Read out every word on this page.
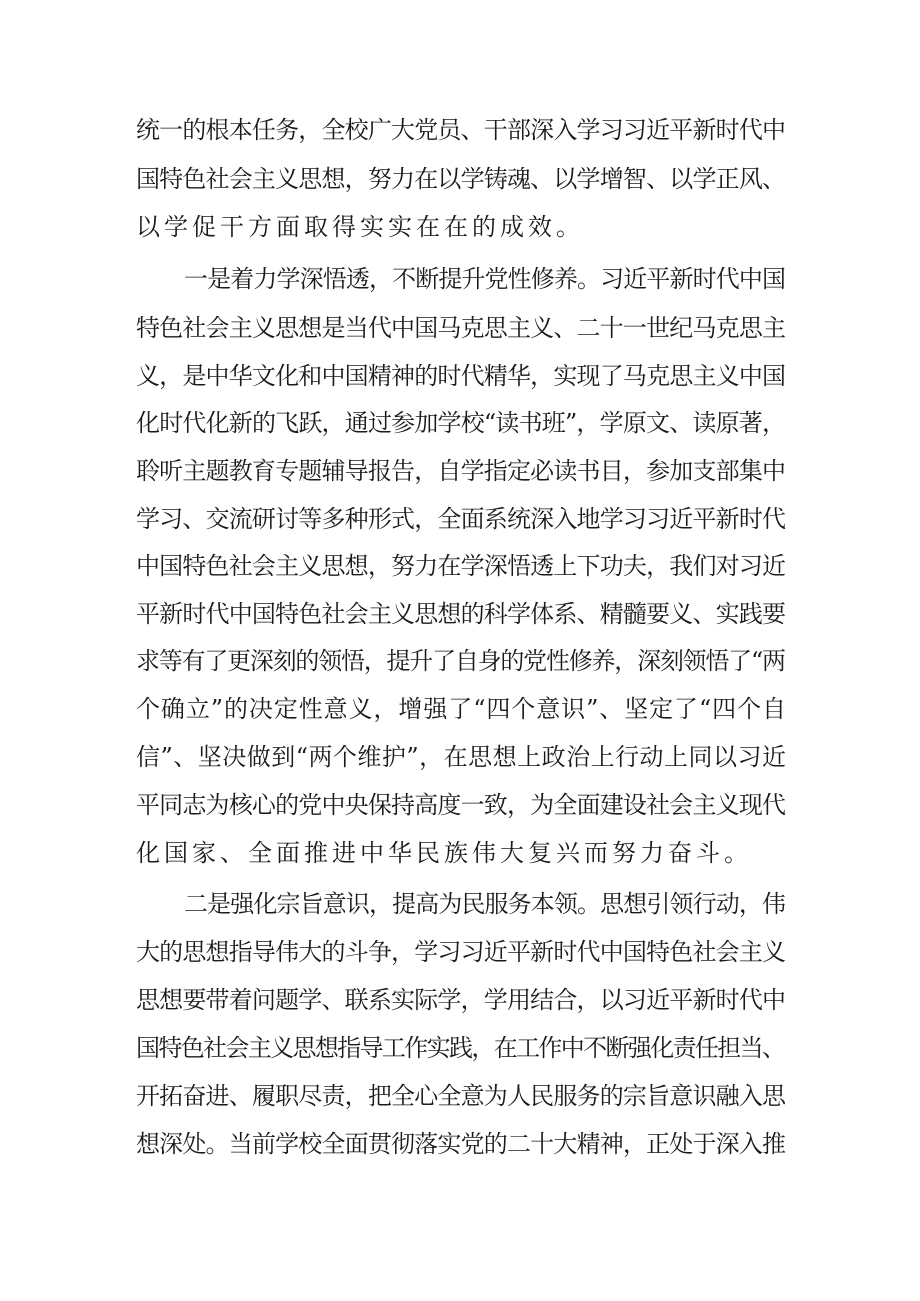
统一的根本任务，全校广大党员、干部深入学习习近平新时代中
国特色社会主义思想，努力在以学铸魂、以学增智、以学正风、
以学促干方面取得实实在在的成效。
一是着力学深悟透，不断提升党性修养。习近平新时代中国
特色社会主义思想是当代中国马克思主义、二十一世纪马克思主
义，是中华文化和中国精神的时代精华，实现了马克思主义中国
化时代化新的飞跃，通过参加学校“读书班”，学原文、读原著，
聆听主题教育专题辅导报告，自学指定必读书目，参加支部集中
学习、交流研讨等多种形式，全面系统深入地学习习近平新时代
中国特色社会主义思想，努力在学深悟透上下功夫，我们对习近
平新时代中国特色社会主义思想的科学体系、精髓要义、实践要
求等有了更深刻的领悟，提升了自身的党性修养，深刻领悟了“两
个确立”的决定性意义，增强了“四个意识”、坚定了“四个自
信”、坚决做到“两个维护”，在思想上政治上行动上同以习近
平同志为核心的党中央保持高度一致，为全面建设社会主义现代
化国家、全面推进中华民族伟大复兴而努力奋斗。
二是强化宗旨意识，提高为民服务本领。思想引领行动，伟
大的思想指导伟大的斗争，学习习近平新时代中国特色社会主义
思想要带着问题学、联系实际学，学用结合，以习近平新时代中
国特色社会主义思想指导工作实践，在工作中不断强化责任担当、
开拓奋进、履职尽责，把全心全意为人民服务的宗旨意识融入思
想深处。当前学校全面贯彻落实党的二十大精神，正处于深入推
